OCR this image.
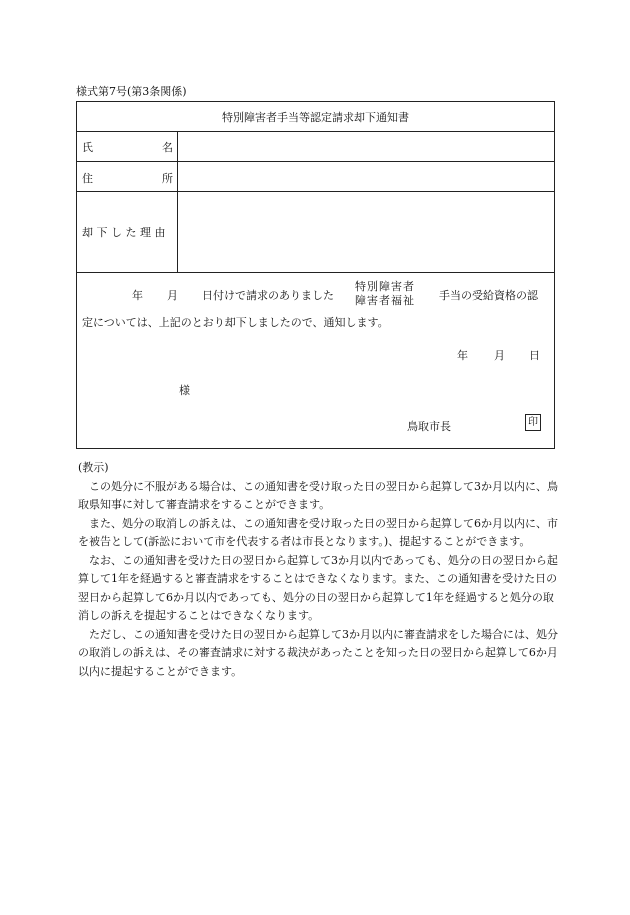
様式第7号(第3条関係)
特別障害者手当等認定請求却下通知書
氏	名
住	所
却 下 し た 理 由
年 月 日付けで請求のありました
特別障害者
障害者福祉 手当の受給資格の認
定については、上記のとおり却下しましたので、通知します。
年 月 日
様
鳥取市長	印

(教示)

この処分に不服がある場合は、この通知書を受け取った日の翌日から起算して3か月以内に、鳥取県知事に対して審査請求をすることができます。

また、処分の取消しの訴えは、この通知書を受け取った日の翌日から起算して6か月以内に、市を被告として(訴訟において市を代表する者は市長となります。)、提起することができます。

なお、この通知書を受けた日の翌日から起算して3か月以内であっても、処分の日の翌日から起算して1年を経過すると審査請求をすることはできなくなります。また、この通知書を受けた日の翌日から起算して6か月以内であっても、処分の日の翌日から起算して1年を経過すると処分の取消しの訴えを提起することはできなくなります。

ただし、この通知書を受けた日の翌日から起算して3か月以内に審査請求をした場合には、処分の取消しの訴えは、その審査請求に対する裁決があったことを知った日の翌日から起算して6か月以内に提起することができます。
